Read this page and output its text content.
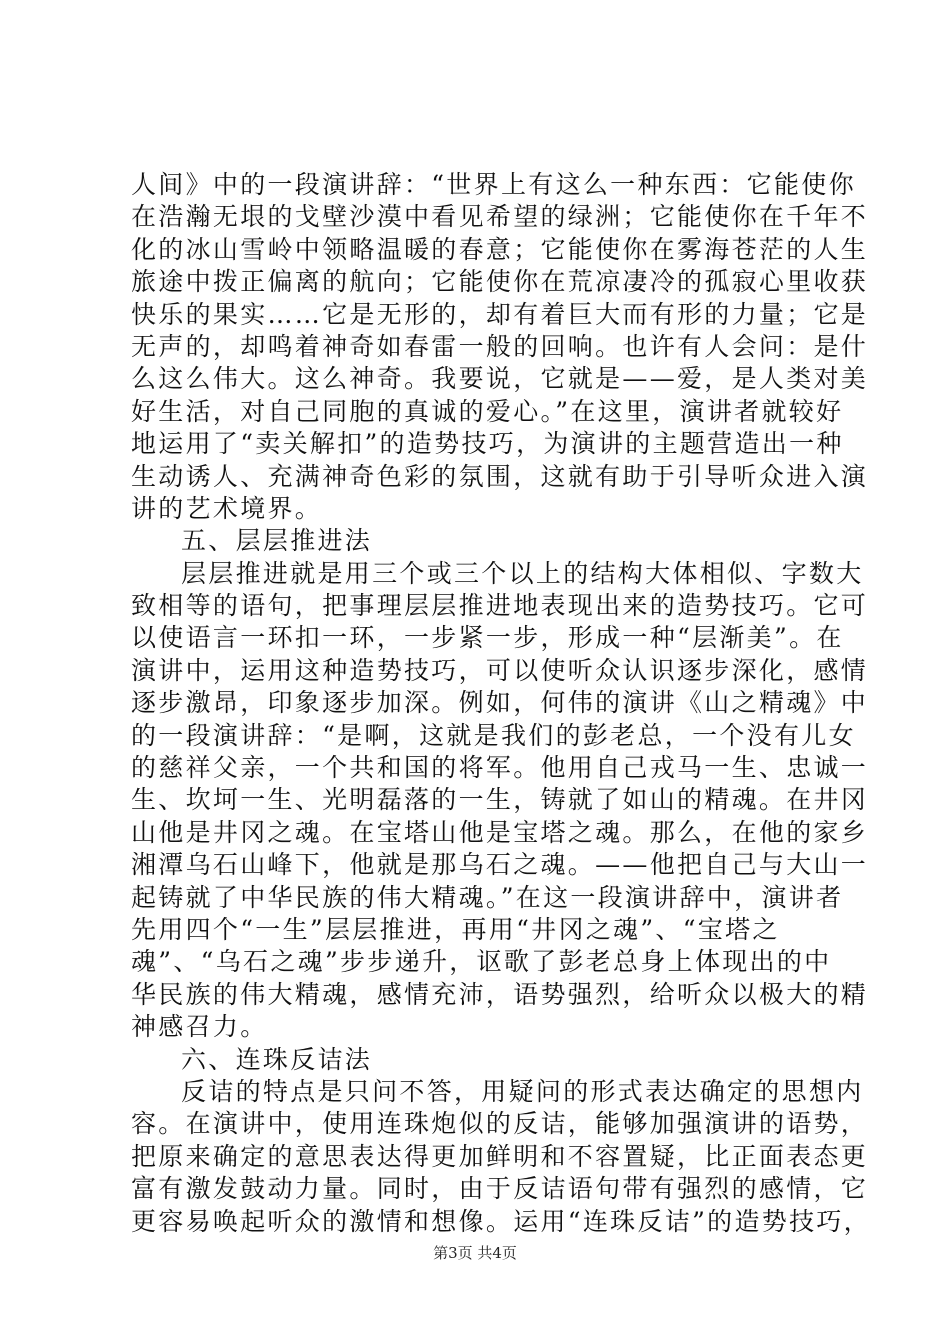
人间》中的一段演讲辞：“世界上有这么一种东西：它能使你
在浩瀚无垠的戈壁沙漠中看见希望的绿洲；它能使你在千年不
化的冰山雪岭中领略温暖的春意；它能使你在雾海苍茫的人生
旅途中拨正偏离的航向；它能使你在荒凉凄冷的孤寂心里收获
快乐的果实……它是无形的，却有着巨大而有形的力量；它是
无声的，却鸣着神奇如春雷一般的回响。也许有人会问：是什
么这么伟大。这么神奇。我要说，它就是——爱，是人类对美
好生活，对自己同胞的真诚的爱心。”在这里，演讲者就较好
地运用了“卖关解扣”的造势技巧，为演讲的主题营造出一种
生动诱人、充满神奇色彩的氛围，这就有助于引导听众进入演
讲的艺术境界。
五、层层推进法
层层推进就是用三个或三个以上的结构大体相似、字数大
致相等的语句，把事理层层推进地表现出来的造势技巧。它可
以使语言一环扣一环，一步紧一步，形成一种“层渐美”。在
演讲中，运用这种造势技巧，可以使听众认识逐步深化，感情
逐步激昂，印象逐步加深。例如，何伟的演讲《山之精魂》中
的一段演讲辞：“是啊，这就是我们的彭老总，一个没有儿女
的慈祥父亲，一个共和国的将军。他用自己戎马一生、忠诚一
生、坎坷一生、光明磊落的一生，铸就了如山的精魂。在井冈
山他是井冈之魂。在宝塔山他是宝塔之魂。那么，在他的家乡
湘潭乌石山峰下，他就是那乌石之魂。——他把自己与大山一
起铸就了中华民族的伟大精魂。”在这一段演讲辞中，演讲者
先用四个“一生”层层推进，再用“井冈之魂”、“宝塔之
魂”、“乌石之魂”步步递升，讴歌了彭老总身上体现出的中
华民族的伟大精魂，感情充沛，语势强烈，给听众以极大的精
神感召力。
六、连珠反诘法
反诘的特点是只问不答，用疑问的形式表达确定的思想内
容。在演讲中，使用连珠炮似的反诘，能够加强演讲的语势，
把原来确定的意思表达得更加鲜明和不容置疑，比正面表态更
富有激发鼓动力量。同时，由于反诘语句带有强烈的感情，它
更容易唤起听众的激情和想像。运用“连珠反诘”的造势技巧，
第3页 共4页
